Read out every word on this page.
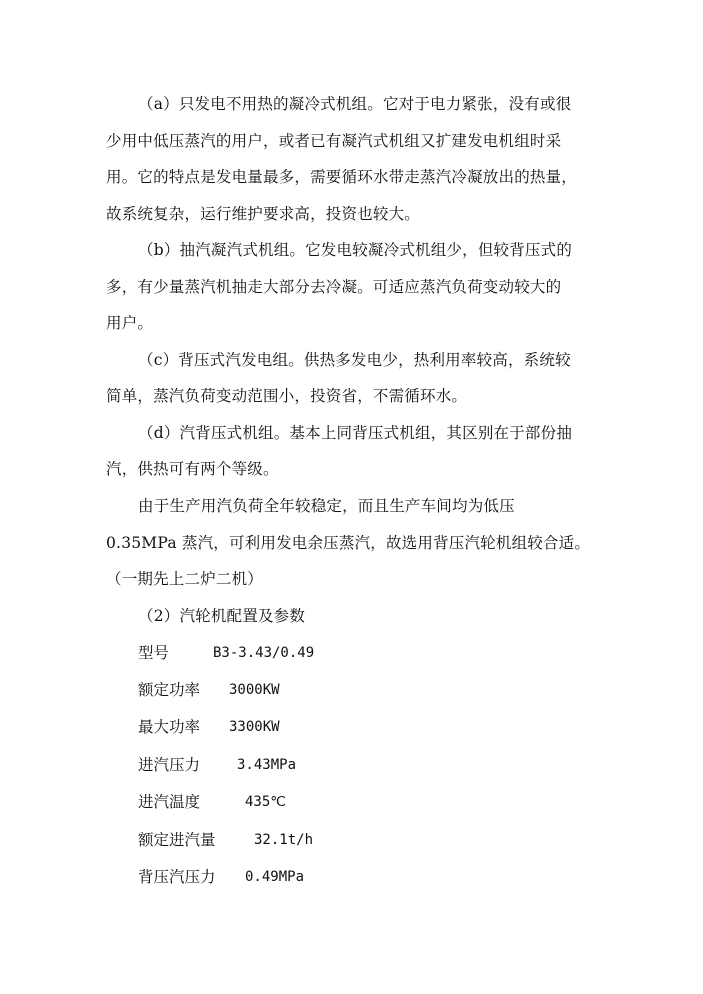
（a）只发电不用热的凝冷式机组。它对于电力紧张，没有或很
少用中低压蒸汽的用户，或者已有凝汽式机组又扩建发电机组时采
用。它的特点是发电量最多，需要循环水带走蒸汽冷凝放出的热量，
故系统复杂，运行维护要求高，投资也较大。
（b）抽汽凝汽式机组。它发电较凝冷式机组少，但较背压式的
多，有少量蒸汽机抽走大部分去冷凝。可适应蒸汽负荷变动较大的
用户。
（c）背压式汽发电组。供热多发电少，热利用率较高，系统较
简单，蒸汽负荷变动范围小，投资省，不需循环水。
（d）汽背压式机组。基本上同背压式机组，其区别在于部份抽
汽，供热可有两个等级。
由于生产用汽负荷全年较稳定，而且生产车间均为低压
0.35MPa 蒸汽，可利用发电余压蒸汽，故选用背压汽轮机组较合适。
（一期先上二炉二机）
（2）汽轮机配置及参数
型号	B3-3.43/0.49
额定功率 3000KW
最大功率 3300KW
进汽压力	3.43MPa
进汽温度	435℃
额定进汽量	32.1t/h
背压汽压力 0.49MPa
